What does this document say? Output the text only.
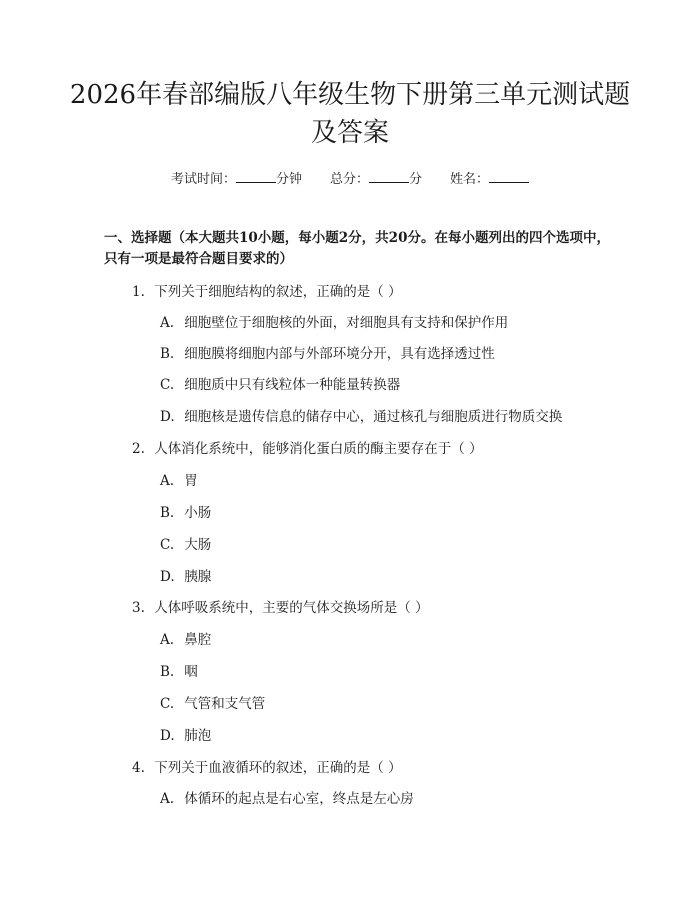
2026年春部编版八年级生物下册第三单元测试题及答案
考试时间：	分钟 总分：	分 姓名：
一、选择题（本大题共10小题，每小题2分，共20分。在每小题列出的四个选项中，只有一项是最符合题目要求的）
1. 下列关于细胞结构的叙述，正确的是（ ）
A. 细胞壁位于细胞核的外面，对细胞具有支持和保护作用
B. 细胞膜将细胞内部与外部环境分开，具有选择透过性
C. 细胞质中只有线粒体一种能量转换器
D. 细胞核是遗传信息的储存中心，通过核孔与细胞质进行物质交换
2. 人体消化系统中，能够消化蛋白质的酶主要存在于（ ）
A. 胃
B. 小肠
C. 大肠
D. 胰腺
3. 人体呼吸系统中，主要的气体交换场所是（ ）
A. 鼻腔
B. 咽
C. 气管和支气管
D. 肺泡
4. 下列关于血液循环的叙述，正确的是（ ）
A. 体循环的起点是右心室，终点是左心房
